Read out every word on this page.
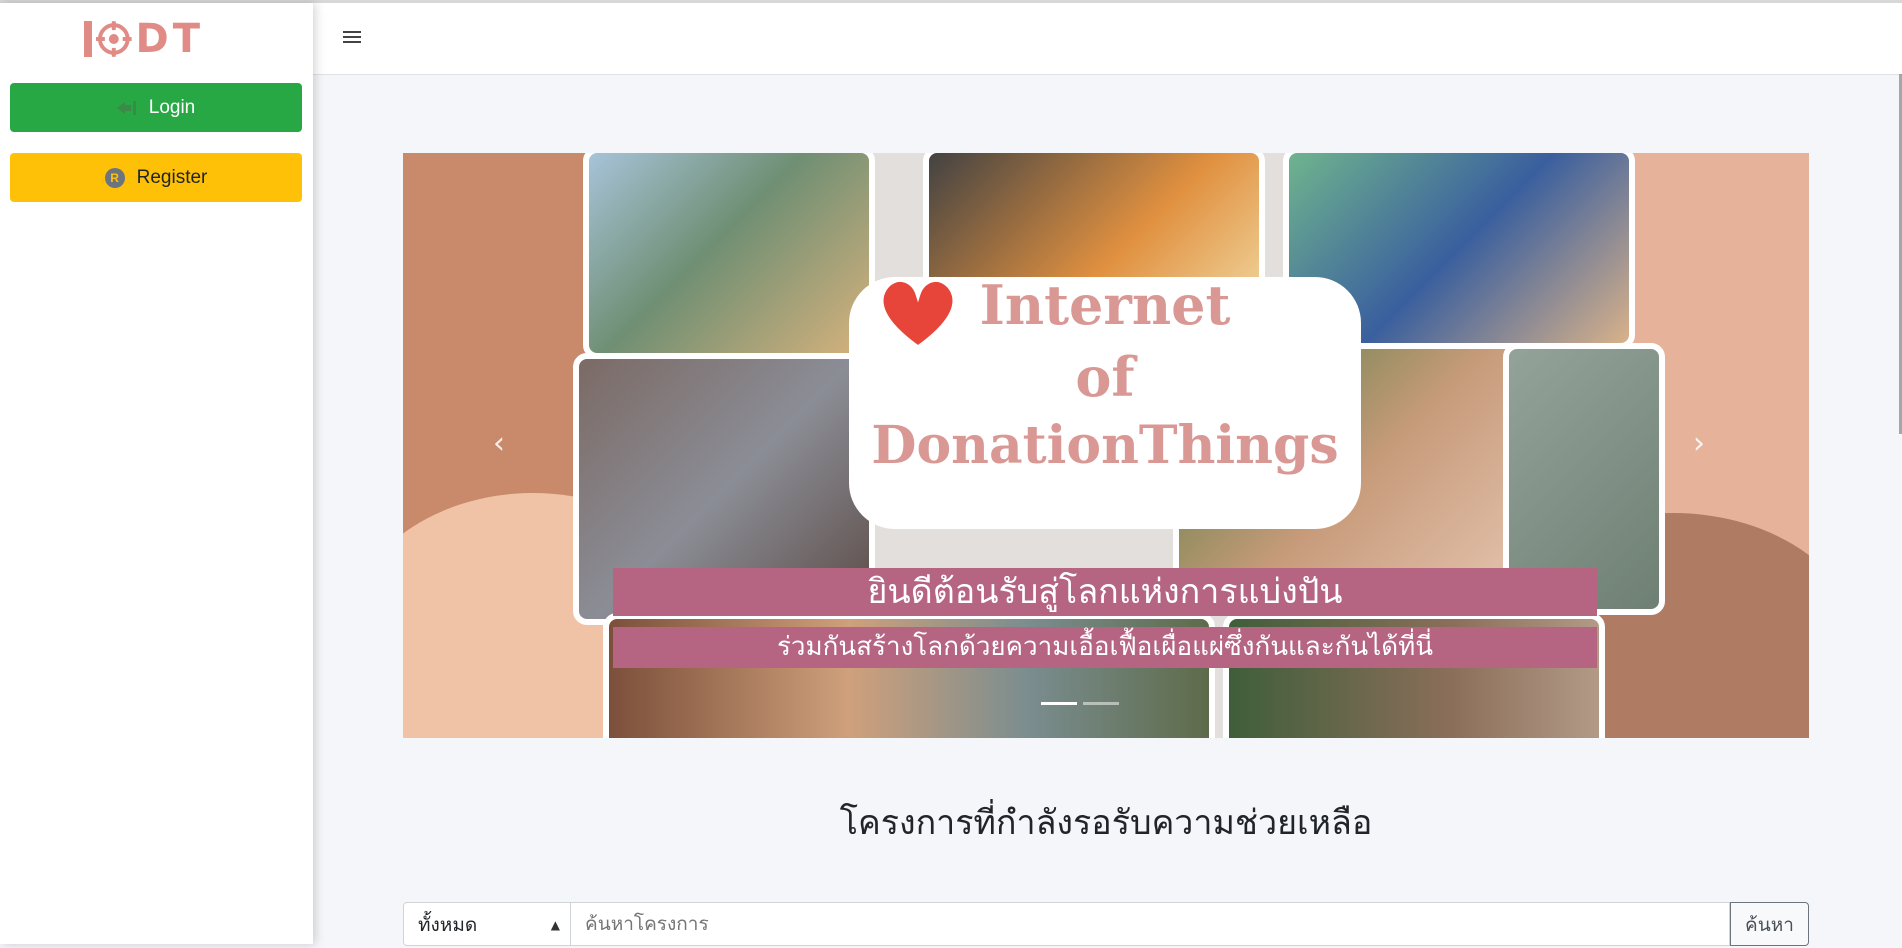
DT
Login
R Register
Internet
of
DonationThings
ยินดีต้อนรับสู่โลกแห่งการแบ่งปัน
ร่วมกันสร้างโลกด้วยความเอื้อเฟื้อเผื่อแผ่ซึ่งกันและกันได้ที่นี่
‹	›
โครงการที่กำลังรอรับความช่วยเหลือ
ทั้งหมด	▲

ค้นหาโครงการ	ค้นหา
